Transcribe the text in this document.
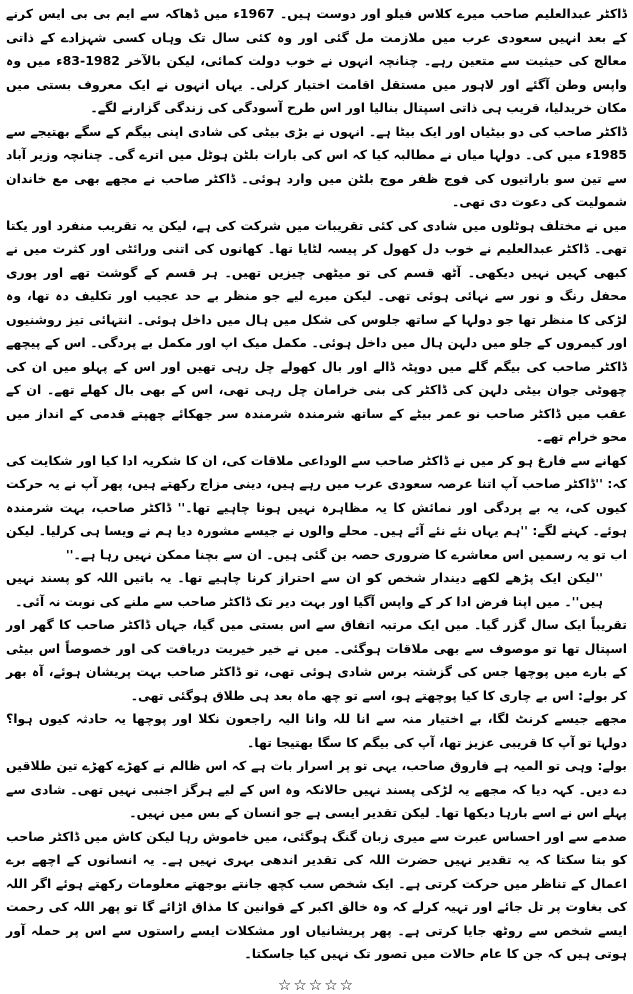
ڈاکٹر عبدالعلیم صاحب میرے کلاس فیلو اور دوست ہیں۔ 1967ء میں ڈھاکہ سے ایم بی بی ایس کرنے کے بعد انہیں سعودی عرب میں ملازمت مل گئی اور وہ کئی سال تک وہاں کسی شہزادے کے ذاتی معالج کی حیثیت سے متعین رہے۔ چنانچہ انہوں نے خوب دولت کمائی، لیکن بالآخر 1982-83ء میں وہ واپس وطن آگئے اور لاہور میں مستقل اقامت اختیار کرلی۔ یہاں انہوں نے ایک معروف بستی میں مکان خریدلیا، قریب ہی ذاتی اسپتال بنالیا اور اس طرح آسودگی کی زندگی گزارنے لگے۔

ڈاکٹر صاحب کی دو بیٹیاں اور ایک بیٹا ہے۔ انہوں نے بڑی بیٹی کی شادی اپنی بیگم کے سگے بھتیجے سے 1985ء میں کی۔ دولہا میاں نے مطالبہ کیا کہ اس کی بارات بلٹن ہوٹل میں اترے گی۔ چنانچہ وزیر آباد سے تین سو باراتیوں کی فوج ظفر موج بلٹن میں وارد ہوئی۔ ڈاکٹر صاحب نے مجھے بھی مع خاندان شمولیت کی دعوت دی تھی۔

میں نے مختلف ہوٹلوں میں شادی کی کئی تقریبات میں شرکت کی ہے، لیکن یہ تقریب منفرد اور یکتا تھی۔ ڈاکٹر عبدالعلیم نے خوب دل کھول کر پیسہ لٹایا تھا۔ کھانوں کی اتنی ورائٹی اور کثرت میں نے کبھی کہیں نہیں دیکھی۔ آٹھ قسم کی تو میٹھی چیزیں تھیں۔ ہر قسم کے گوشت تھے اور پوری محفل رنگ و نور سے نہائی ہوئی تھی۔ لیکن میرے لیے جو منظر بے حد عجیب اور تکلیف دہ تھا، وہ لڑکی کا منظر تھا جو دولہا کے ساتھ جلوس کی شکل میں ہال میں داخل ہوئی۔ انتہائی تیز روشنیوں اور کیمروں کے جلو میں دلہن ہال میں داخل ہوئی۔ مکمل میک اپ اور مکمل بے پردگی۔ اس کے پیچھے ڈاکٹر صاحب کی بیگم گلے میں دوپٹہ ڈالے اور بال کھولے چل رہی تھیں اور اس کے پہلو میں ان کی چھوٹی جوان بیٹی دلہن کی ڈاکٹر کی بنی خرامان چل رہی تھی، اس کے بھی بال کھلے تھے۔ ان کے عقب میں ڈاکٹر صاحب نو عمر بیٹے کے ساتھ شرمندہ شرمندہ سر جھکائے چھپتے قدمی کے انداز میں محو خرام تھے۔

کھانے سے فارغ ہو کر میں نے ڈاکٹر صاحب سے الوداعی ملاقات کی، ان کا شکریہ ادا کیا اور شکایت کی کہ: ''ڈاکٹر صاحب آپ اتنا عرصہ سعودی عرب میں رہے ہیں، دینی مزاج رکھتے ہیں، پھر آپ نے یہ حرکت کیوں کی، یہ بے پردگی اور نمائش کا یہ مظاہرہ نہیں ہونا چاہیے تھا۔'' ڈاکٹر صاحب، بہت شرمندہ ہوئے۔ کہنے لگے: ''ہم یہاں نئے نئے آئے ہیں۔ محلے والوں نے جیسے مشورہ دیا ہم نے ویسا ہی کرلیا۔ لیکن اب تو یہ رسمیں اس معاشرے کا ضروری حصہ بن گئی ہیں۔ ان سے بچنا ممکن نہیں رہا ہے۔''

''لیکن ایک پڑھے لکھے دیندار شخص کو ان سے احتراز کرنا چاہیے تھا۔ یہ باتیں اللہ کو پسند نہیں ہیں''۔ میں اپنا فرض ادا کر کے واپس آگیا اور بہت دیر تک ڈاکٹر صاحب سے ملنے کی نوبت نہ آئی۔

تقریباً ایک سال گزر گیا۔ میں ایک مرتبہ اتفاق سے اس بستی میں گیا، جہاں ڈاکٹر صاحب کا گھر اور اسپتال تھا تو موصوف سے بھی ملاقات ہوگئی۔ میں نے خیر خیریت دریافت کی اور خصوصاً اس بیٹی کے بارے میں پوچھا جس کی گزشتہ برس شادی ہوئی تھی، تو ڈاکٹر صاحب بہت پریشان ہوئے، آہ بھر کر بولے: اس بے چاری کا کیا پوچھتے ہو، اسے تو چھ ماہ بعد ہی طلاق ہوگئی تھی۔

مجھے جیسے کرنٹ لگا، بے اختیار منہ سے انا للہ وانا الیہ راجعون نکلا اور پوچھا یہ حادثہ کیوں ہوا؟ دولہا تو آپ کا قریبی عزیز تھا، آپ کی بیگم کا سگا بھتیجا تھا۔

بولے: وہی تو المیہ ہے فاروق صاحب، یہی تو پر اسرار بات ہے کہ اس ظالم نے کھڑے کھڑے تین طلاقیں دے دیں۔ کہہ دیا کہ مجھے یہ لڑکی پسند نہیں حالانکہ وہ اس کے لیے ہرگز اجنبی نہیں تھی۔ شادی سے پہلے اس نے اسے بارہا دیکھا تھا۔ لیکن تقدیر ایسی ہے جو انسان کے بس میں نہیں۔

صدمے سے اور احساس عبرت سے میری زبان گنگ ہوگئی، میں خاموش رہا لیکن کاش میں ڈاکٹر صاحب کو بتا سکتا کہ یہ تقدیر نہیں حضرت اللہ کی تقدیر اندھی بہری نہیں ہے۔ یہ انسانوں کے اچھے برے اعمال کے تناظر میں حرکت کرتی ہے۔ ایک شخص سب کچھ جانتے بوجھتے معلومات رکھتے ہوئے اگر اللہ کی بغاوت پر تل جائے اور تہیہ کرلے کہ وہ خالق اکبر کے قوانین کا مذاق اڑائے گا تو پھر اللہ کی رحمت ایسے شخص سے روٹھ جایا کرتی ہے۔ پھر پریشانیاں اور مشکلات ایسے راستوں سے اس پر حملہ آور ہوتی ہیں کہ جن کا عام حالات میں تصور تک نہیں کیا جاسکتا۔

☆☆☆☆☆
